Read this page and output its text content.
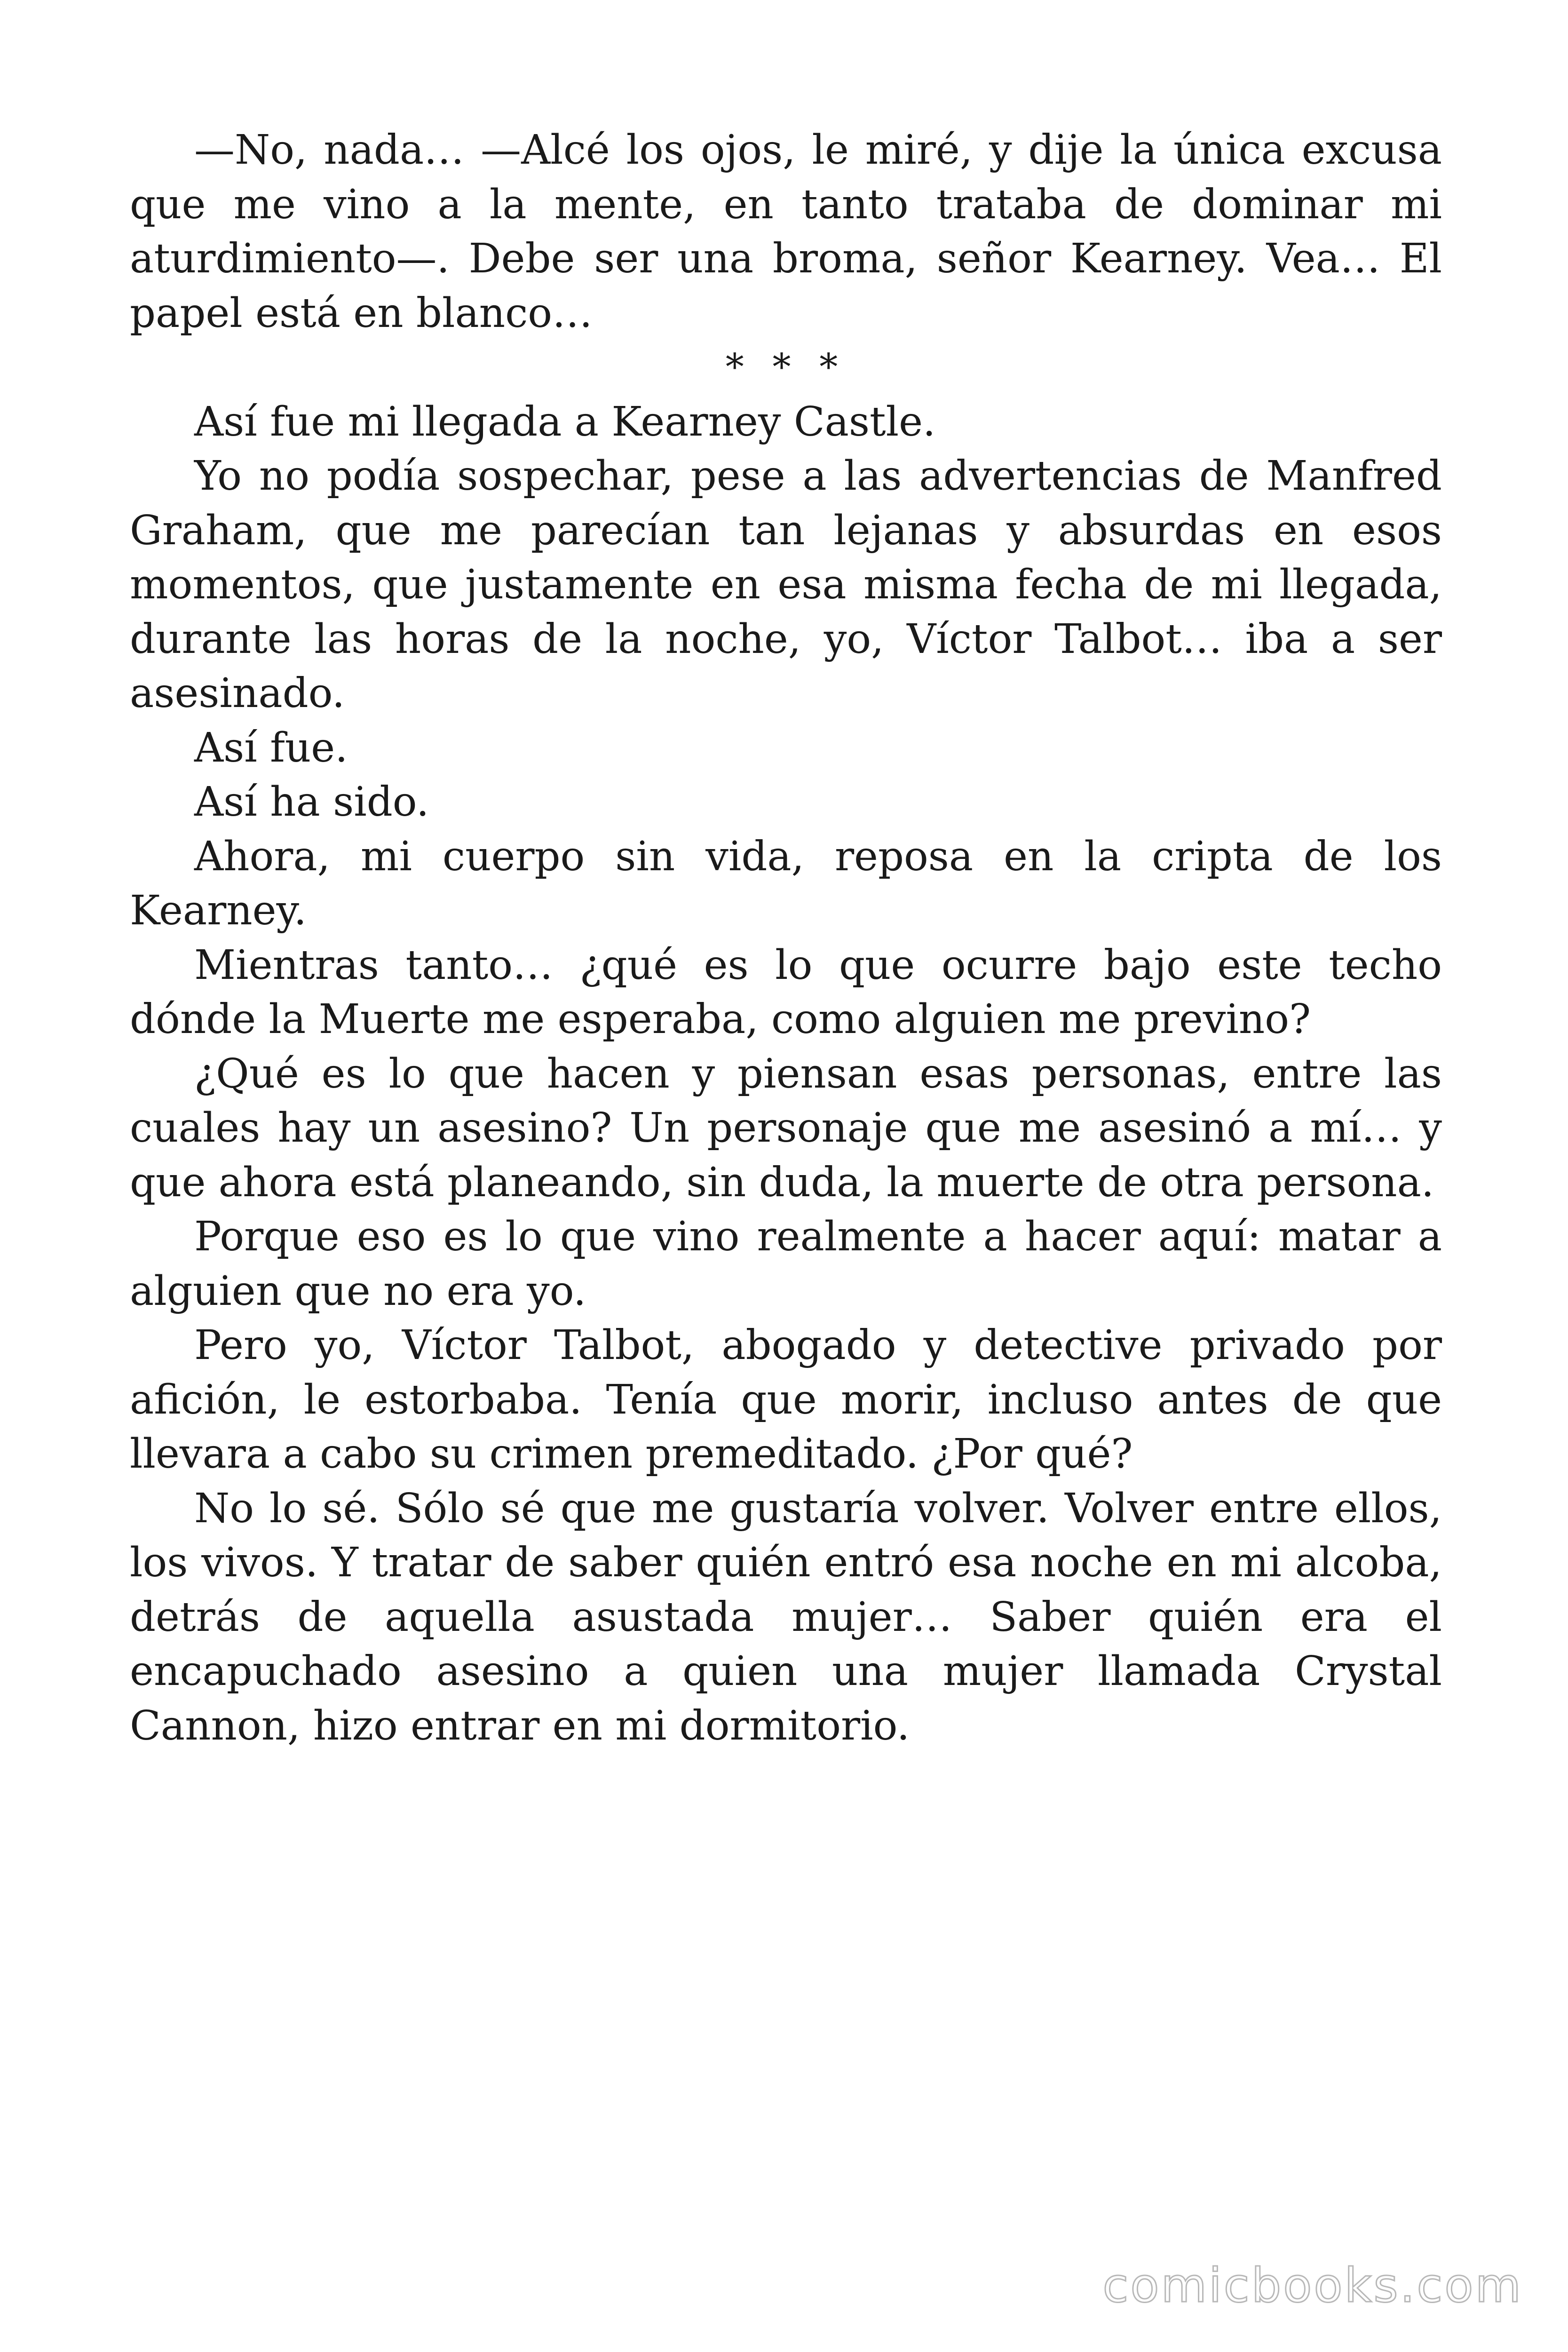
—No, nada… —Alcé los ojos, le miré, y dije la única excusa que me vino a la mente, en tanto trataba de dominar mi aturdimiento—. Debe ser una broma, señor Kearney. Vea… El papel está en blanco…

* * *

Así fue mi llegada a Kearney Castle.

Yo no podía sospechar, pese a las advertencias de Manfred Graham, que me parecían tan lejanas y absurdas en esos momentos, que justamente en esa misma fecha de mi llegada, durante las horas de la noche, yo, Víctor Talbot… iba a ser asesinado.

Así fue.

Así ha sido.

Ahora, mi cuerpo sin vida, reposa en la cripta de los Kearney.

Mientras tanto… ¿qué es lo que ocurre bajo este techo dónde la Muerte me esperaba, como alguien me previno?

¿Qué es lo que hacen y piensan esas personas, entre las cuales hay un asesino? Un personaje que me asesinó a mí… y que ahora está planeando, sin duda, la muerte de otra persona.

Porque eso es lo que vino realmente a hacer aquí: matar a alguien que no era yo.

Pero yo, Víctor Talbot, abogado y detective privado por afición, le estorbaba. Tenía que morir, incluso antes de que llevara a cabo su crimen premeditado. ¿Por qué?

No lo sé. Sólo sé que me gustaría volver. Volver entre ellos, los vivos. Y tratar de saber quién entró esa noche en mi alcoba, detrás de aquella asustada mujer… Saber quién era el encapuchado asesino a quien una mujer llamada Crystal Cannon, hizo entrar en mi dormitorio.

comicbooks.com
